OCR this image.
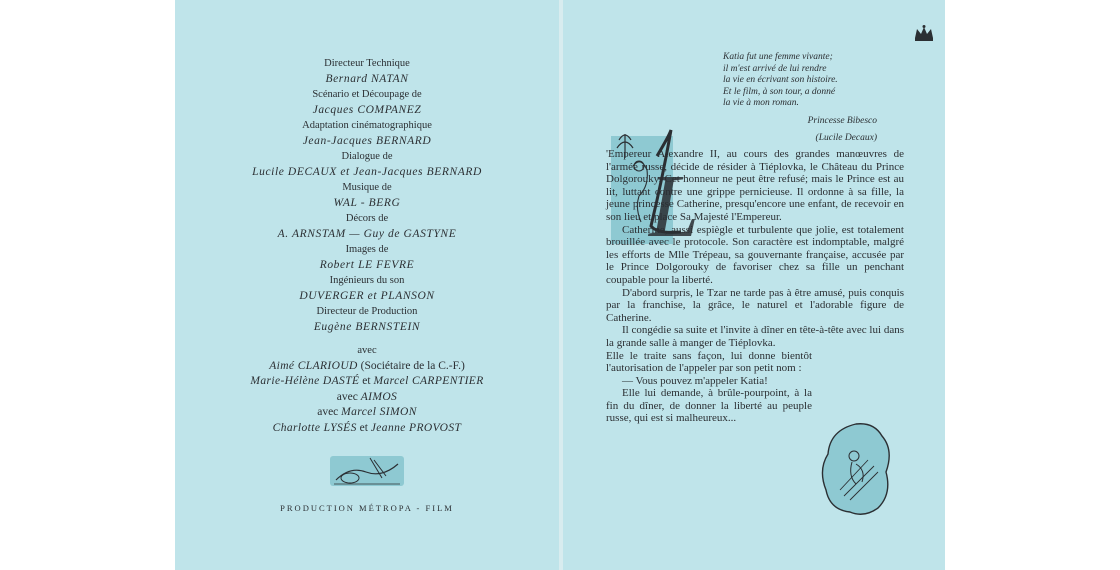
Directeur Technique
Bernard NATAN
Scénario et Découpage de
Jacques COMPANEZ
Adaptation cinématographique
Jean-Jacques BERNARD
Dialogue de
Lucile DECAUX et Jean-Jacques BERNARD
Musique de
WAL - BERG
Décors de
A. ARNSTAM — Guy de GASTYNE
Images de
Robert LE FEVRE
Ingénieurs du son
DUVERGER et PLANSON
Directeur de Production
Eugène BERNSTEIN
avec
Aimé CLARIOUD (Sociétaire de la C.-F.)
Marie-Hélène DASTÉ et Marcel CARPENTIER
avec AIMOS
avec Marcel SIMON
Charlotte LYSÉS et Jeanne PROVOST
PRODUCTION MÉTROPA - FILM
Katia fut une femme vivante;
il m'est arrivé de lui rendre
la vie en écrivant son histoire.
Et le film, à son tour, a donné
la vie à mon roman.
Princesse Bibesco
(Lucile Decaux)
L

'Empereur Alexandre II, au cours des grandes manœuvres de l'armée russe, décide de résider à Tiéplovka, le Château du Prince Dolgorouky. Cet honneur ne peut être refusé; mais le Prince est au lit, luttant contre une grippe pernicieuse. Il ordonne à sa fille, la jeune princesse Catherine, presqu'encore une enfant, de recevoir en son lieu et place Sa Majesté l'Empereur.

Catherine, aussi espiègle et turbulente que jolie, est totalement brouillée avec le protocole. Son caractère est indomptable, malgré les efforts de Mlle Trépeau, sa gouvernante française, accusée par le Prince Dolgorouky de favoriser chez sa fille un penchant coupable pour la liberté.

D'abord surpris, le Tzar ne tarde pas à être amusé, puis conquis par la franchise, la grâce, le naturel et l'adorable figure de Catherine.

Il congédie sa suite et l'invite à dîner en tête-à-tête avec lui dans la grande salle à manger de Tiéplovka.

Elle le traite sans façon, lui donne bientôt l'autorisation de l'appeler par son petit nom :

— Vous pouvez m'appeler Katia!

Elle lui demande, à brûle-pourpoint, à la fin du dîner, de donner la liberté au peuple russe, qui est si malheureux...
